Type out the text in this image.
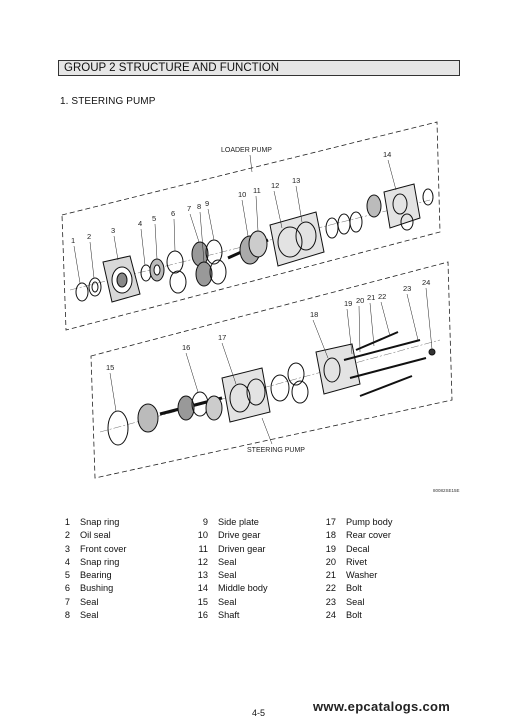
GROUP 2 STRUCTURE AND FUNCTION
1. STEERING PUMP
LOADER PUMP
STEERING PUMP
80082SE15E
1 2
3
4
5
6
7 8 9
10 11
12
13
14
15
16
17
18
19 20 21 22
23
24
1	Snap ring
2	Oil seal
3	Front cover
4	Snap ring
5	Bearing
6	Bushing
7	Seal
8	Seal
9	Side plate
10	Drive gear
11	Driven gear
12	Seal
13	Seal
14	Middle body
15	Seal
16	Shaft
17	Pump body
18	Rear cover
19	Decal
20	Rivet
21	Washer
22	Bolt
23	Seal
24	Bolt
www.epcatalogs.com
4-5
